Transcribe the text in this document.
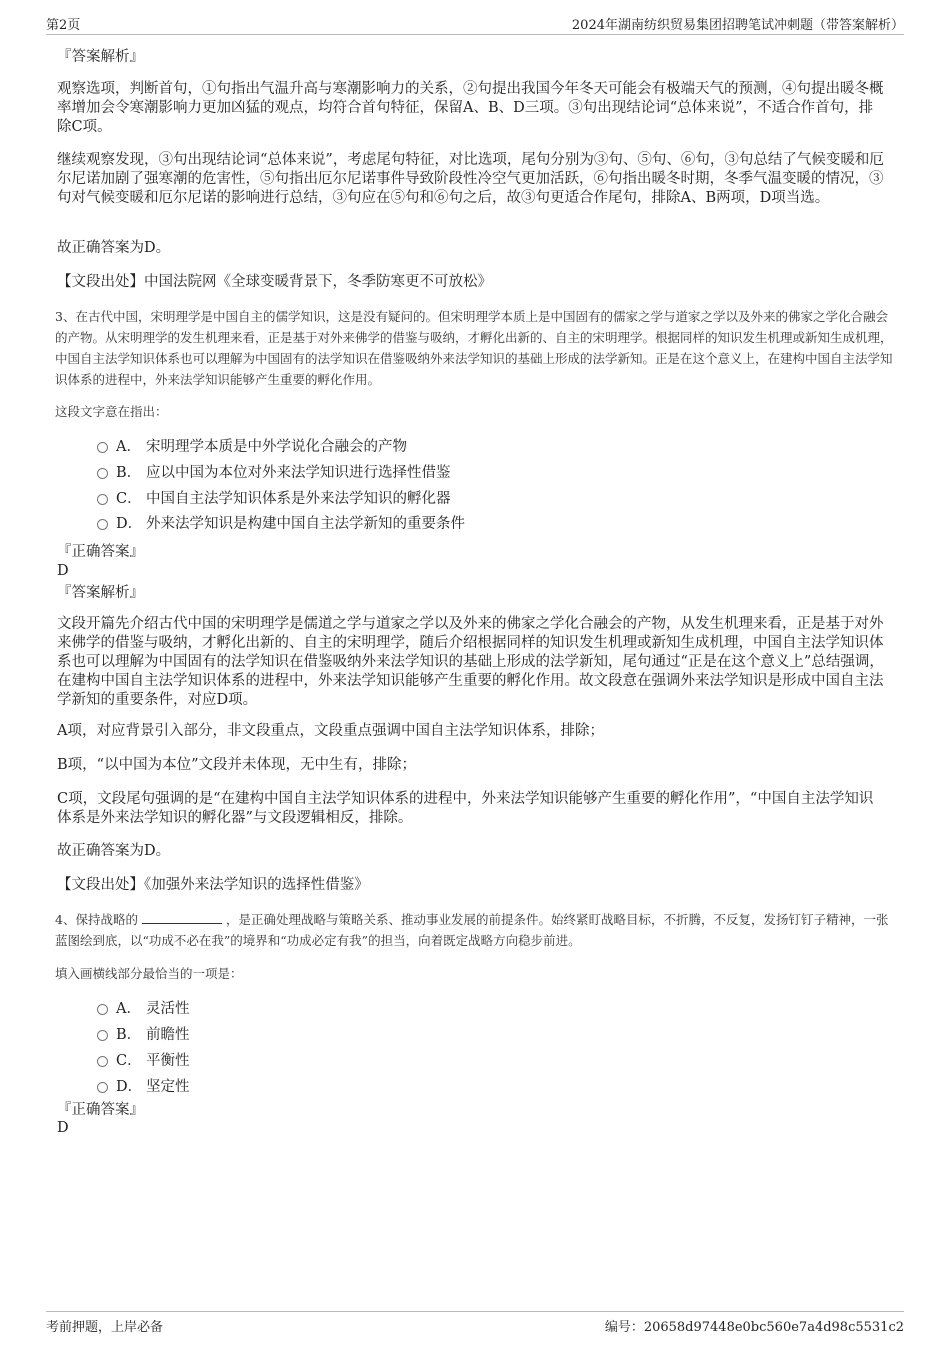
第2页	2024年湖南纺织贸易集团招聘笔试冲刺题（带答案解析）
『答案解析』

观察选项，判断首句，①句指出气温升高与寒潮影响力的关系，②句提出我国今年冬天可能会有极端天气的预测，④句提出暖冬概率增加会令寒潮影响力更加凶猛的观点，均符合首句特征，保留A、B、D三项。③句出现结论词“总体来说”，不适合作首句，排除C项。

继续观察发现，③句出现结论词“总体来说”，考虑尾句特征，对比选项，尾句分别为③句、⑤句、⑥句，③句总结了气候变暖和厄尔尼诺加剧了强寒潮的危害性，⑤句指出厄尔尼诺事件导致阶段性冷空气更加活跃，⑥句指出暖冬时期，冬季气温变暖的情况，③句对气候变暖和厄尔尼诺的影响进行总结，③句应在⑤句和⑥句之后，故③句更适合作尾句，排除A、B两项，D项当选。

故正确答案为D。

【文段出处】中国法院网《全球变暖背景下，冬季防寒更不可放松》

3、在古代中国，宋明理学是中国自主的儒学知识，这是没有疑问的。但宋明理学本质上是中国固有的儒家之学与道家之学以及外来的佛家之学化合融会的产物。从宋明理学的发生机理来看，正是基于对外来佛学的借鉴与吸纳，才孵化出新的、自主的宋明理学。根据同样的知识发生机理或新知生成机理，中国自主法学知识体系也可以理解为中国固有的法学知识在借鉴吸纳外来法学知识的基础上形成的法学新知。正是在这个意义上，在建构中国自主法学知识体系的进程中，外来法学知识能够产生重要的孵化作用。

这段文字意在指出：

A． 宋明理学本质是中外学说化合融会的产物
B． 应以中国为本位对外来法学知识进行选择性借鉴
C． 中国自主法学知识体系是外来法学知识的孵化器
D． 外来法学知识是构建中国自主法学新知的重要条件
『正确答案』
D
『答案解析』

文段开篇先介绍古代中国的宋明理学是儒道之学与道家之学以及外来的佛家之学化合融会的产物，从发生机理来看，正是基于对外来佛学的借鉴与吸纳，才孵化出新的、自主的宋明理学，随后介绍根据同样的知识发生机理或新知生成机理，中国自主法学知识体系也可以理解为中国固有的法学知识在借鉴吸纳外来法学知识的基础上形成的法学新知，尾句通过“正是在这个意义上”总结强调，在建构中国自主法学知识体系的进程中，外来法学知识能够产生重要的孵化作用。故文段意在强调外来法学知识是形成中国自主法学新知的重要条件，对应D项。

A项，对应背景引入部分，非文段重点，文段重点强调中国自主法学知识体系，排除；

B项，“以中国为本位”文段并未体现，无中生有，排除；

C项，文段尾句强调的是“在建构中国自主法学知识体系的进程中，外来法学知识能够产生重要的孵化作用”，“中国自主法学知识体系是外来法学知识的孵化器”与文段逻辑相反，排除。

故正确答案为D。

【文段出处】《加强外来法学知识的选择性借鉴》

4、保持战略的	，是正确处理战略与策略关系、推动事业发展的前提条件。始终紧盯战略目标，不折腾，不反复，发扬钉钉子精神，一张蓝图绘到底，以“功成不必在我”的境界和“功成必定有我”的担当，向着既定战略方向稳步前进。

填入画横线部分最恰当的一项是：

A． 灵活性
B． 前瞻性
C． 平衡性
D． 坚定性
『正确答案』
D
考前押题，上岸必备	编号：20658d97448e0bc560e7a4d98c5531c2
